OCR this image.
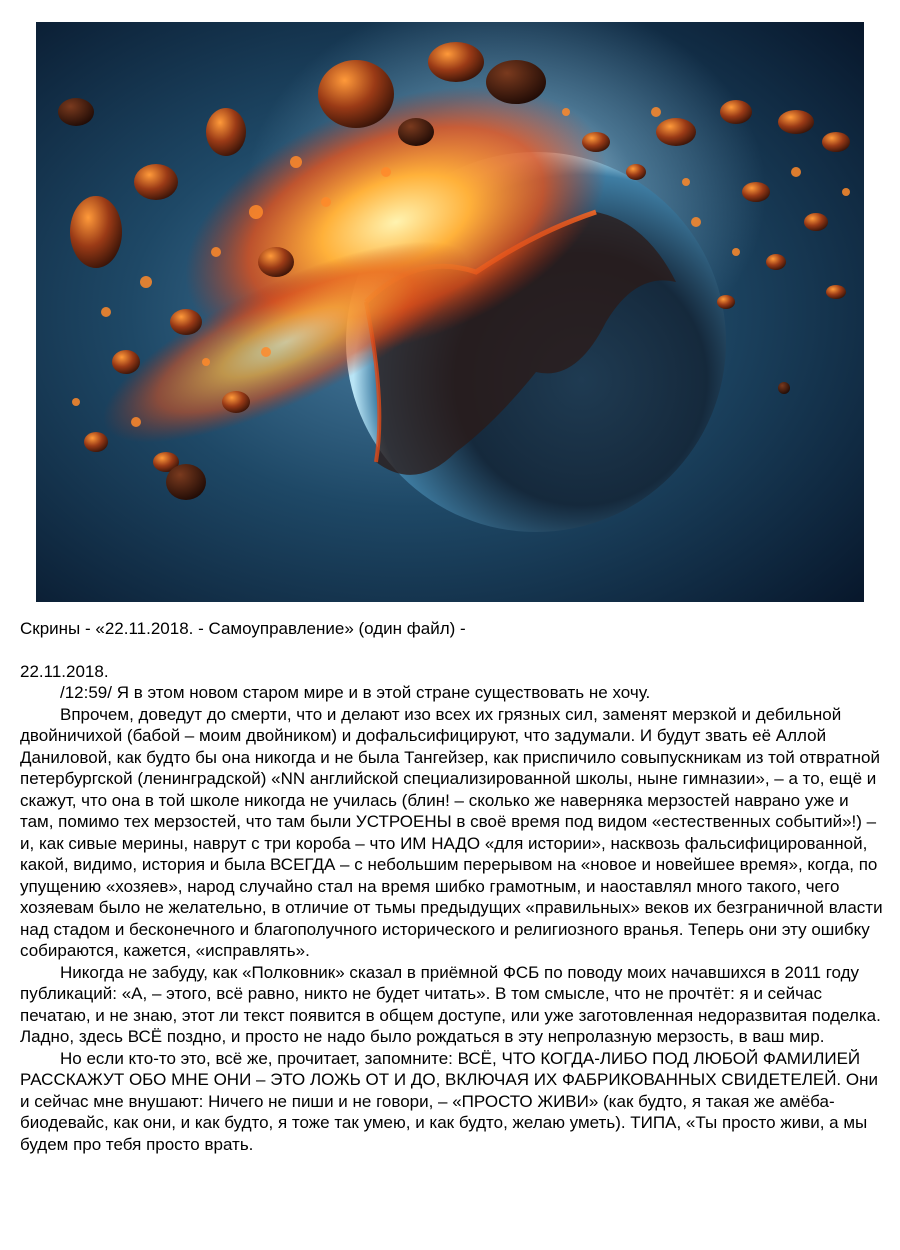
Скрины - «22.11.2018. - Самоуправление» (один файл) -

22.11.2018.

/12:59/ Я в этом новом старом мире и в этой стране существовать не хочу.

Впрочем, доведут до смерти, что и делают изо всех их грязных сил, заменят мерзкой и дебильной двойничихой (бабой – моим двойником) и дофальсифицируют, что задумали. И будут звать её Аллой Даниловой, как будто бы она никогда и не была Тангейзер, как приспичило совыпускникам из той отвратной петербургской (ленинградской) «NN английской специализированной школы, ныне гимназии», – а то, ещё и скажут, что она в той школе никогда не училась (блин! – сколько же наверняка мерзостей наврано уже и там, помимо тех мерзостей, что там были УСТРОЕНЫ в своё время под видом «естественных событий»!) – и, как сивые мерины, наврут с три короба – что ИМ НАДО «для истории», насквозь фальсифицированной, какой, видимо, история и была ВСЕГДА – с небольшим перерывом на «новое и новейшее время», когда, по упущению «хозяев», народ случайно стал на время шибко грамотным, и наоставлял много такого, чего хозяевам было не желательно, в отличие от тьмы предыдущих «правильных» веков их безграничной власти над стадом и бесконечного и благополучного исторического и религиозного вранья. Теперь они эту ошибку собираются, кажется, «исправлять».

Никогда не забуду, как «Полковник» сказал в приёмной ФСБ по поводу моих начавшихся в 2011 году публикаций: «А, – этого, всё равно, никто не будет читать». В том смысле, что не прочтёт: я и сейчас печатаю, и не знаю, этот ли текст появится в общем доступе, или уже заготовленная недоразвитая поделка. Ладно, здесь ВСЁ поздно, и просто не надо было рождаться в эту непролазную мерзость, в ваш мир.

Но если кто-то это, всё же, прочитает, запомните: ВСЁ, ЧТО КОГДА-ЛИБО ПОД ЛЮБОЙ ФАМИЛИЕЙ РАССКАЖУТ ОБО МНЕ ОНИ – ЭТО ЛОЖЬ ОТ И ДО, ВКЛЮЧАЯ ИХ ФАБРИКОВАННЫХ СВИДЕТЕЛЕЙ. Они и сейчас мне внушают: Ничего не пиши и не говори, – «ПРОСТО ЖИВИ» (как будто, я такая же амёба-биодевайс, как они, и как будто, я тоже так умею, и как будто, желаю уметь). ТИПА, «Ты просто живи, а мы будем про тебя просто врать.
